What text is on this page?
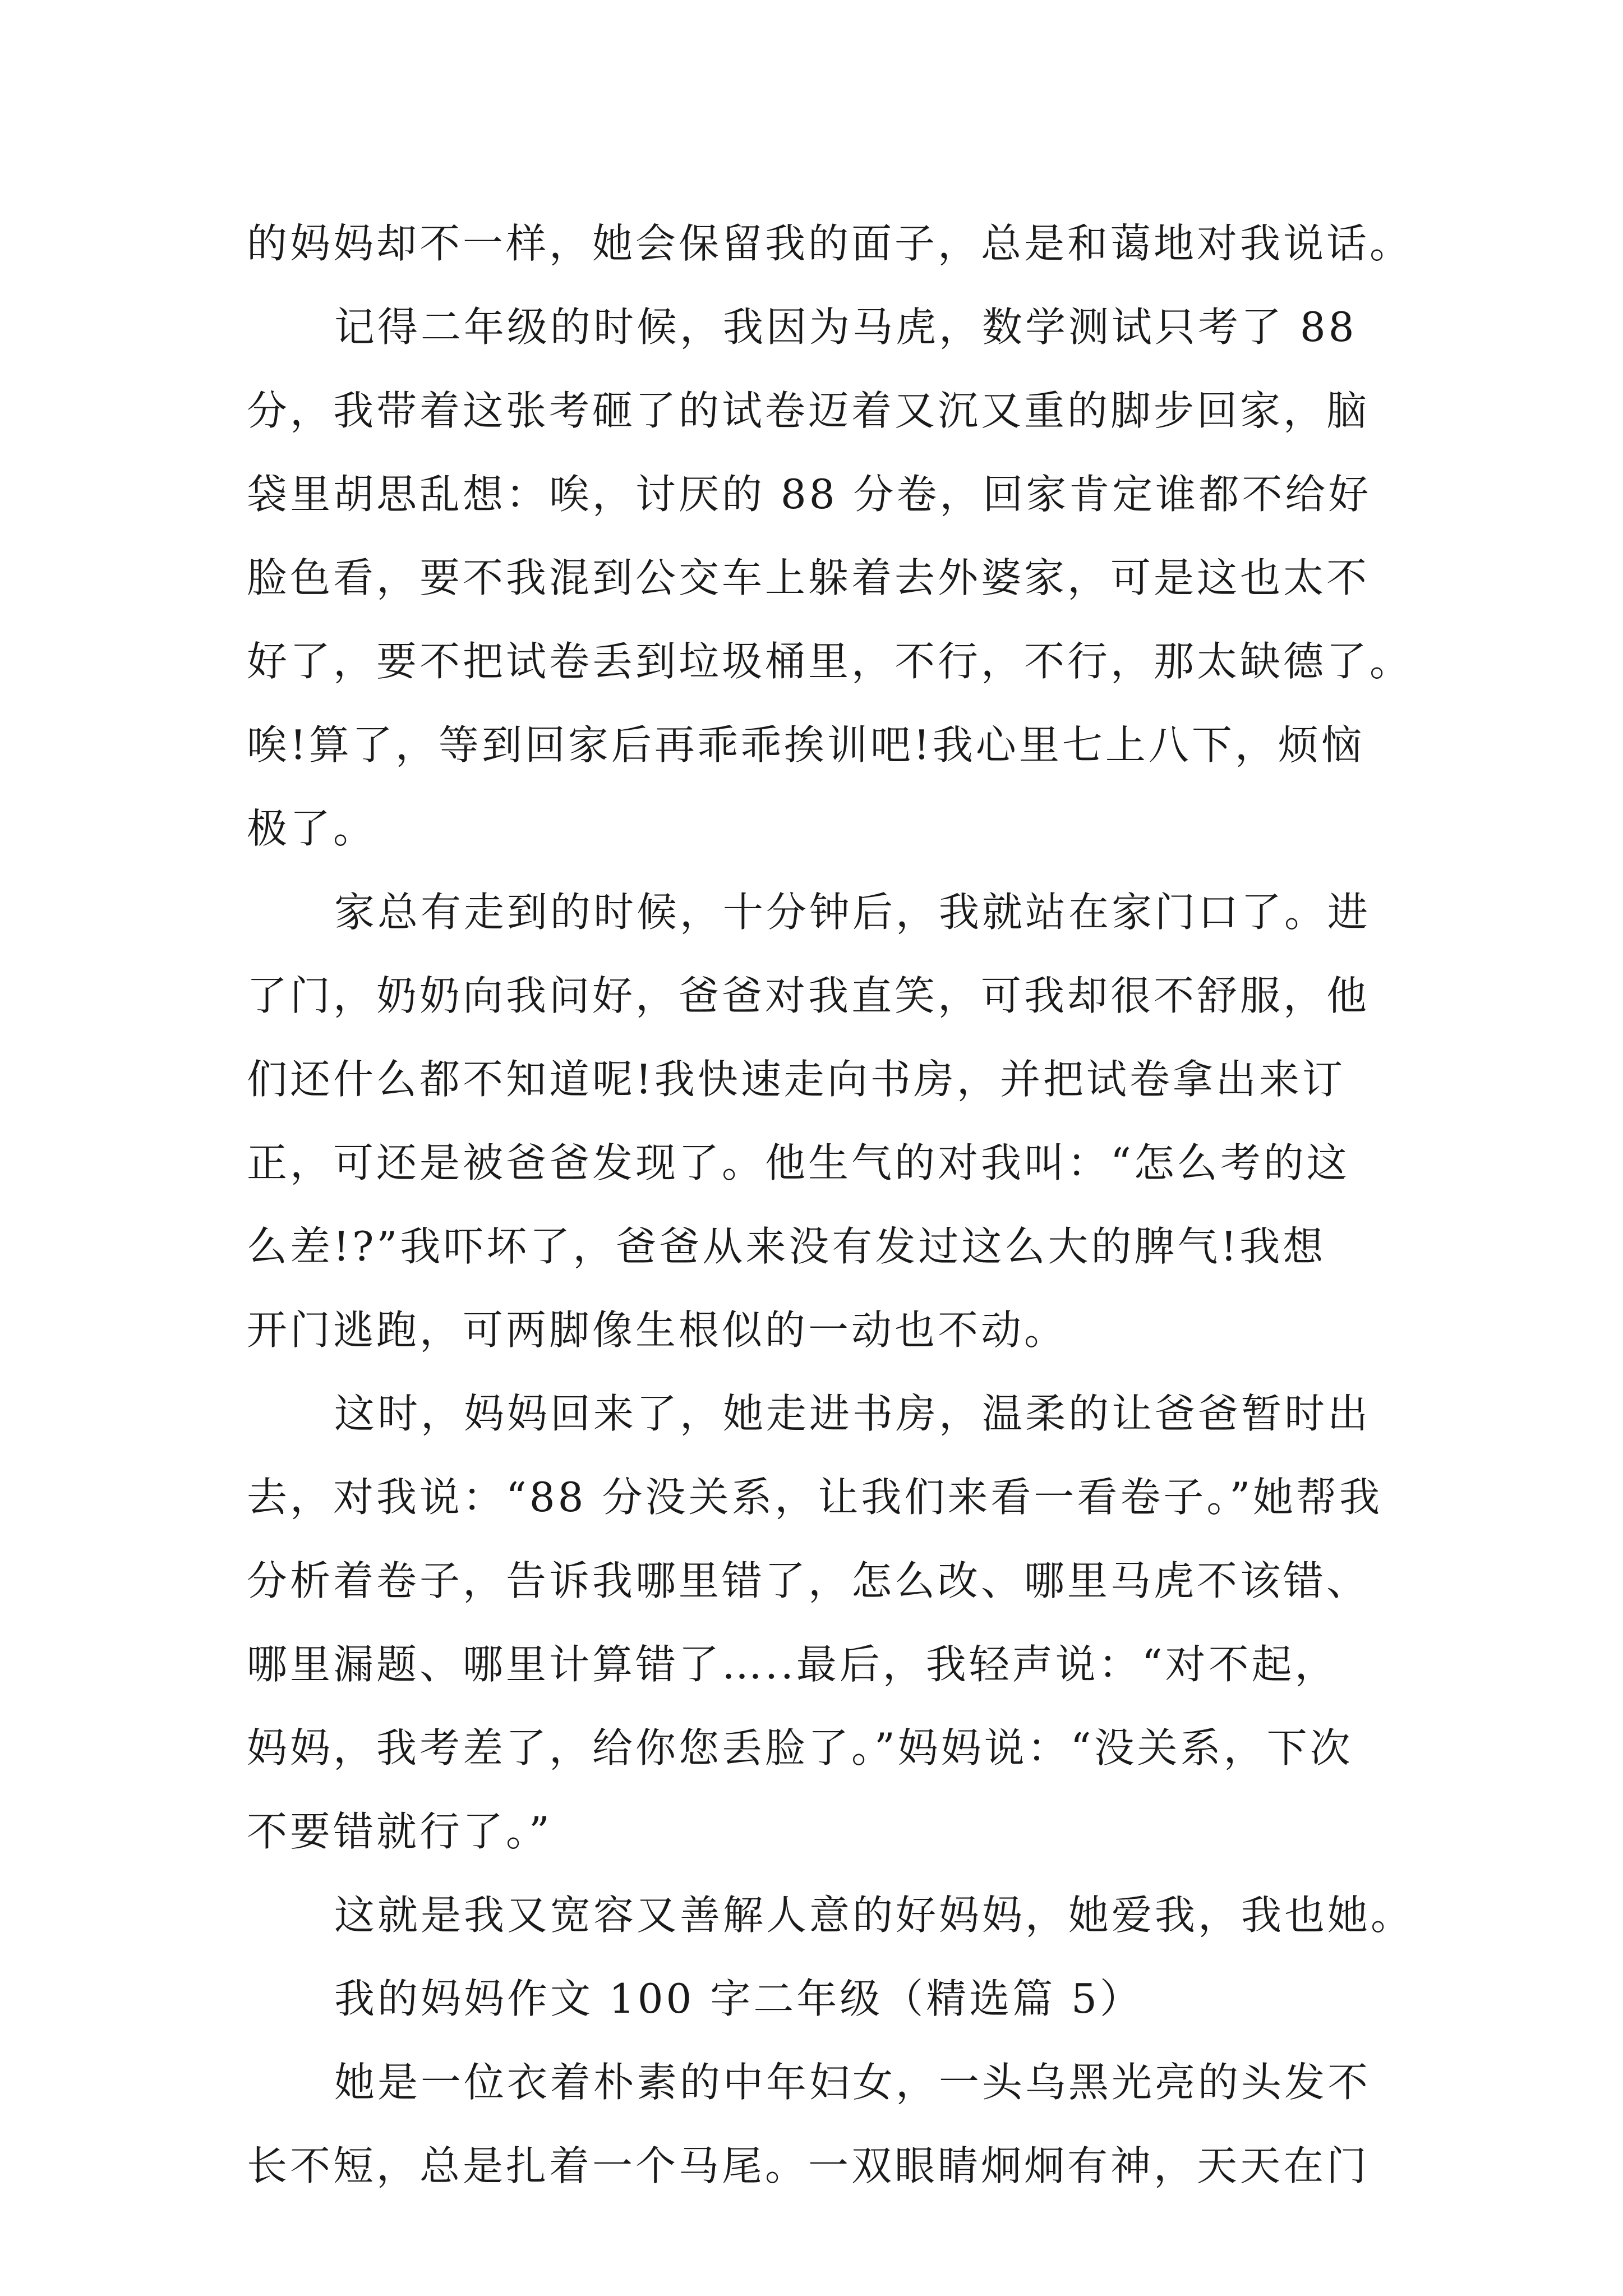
的妈妈却不一样，她会保留我的面子，总是和蔼地对我说话。
记得二年级的时候，我因为马虎，数学测试只考了 88
分，我带着这张考砸了的试卷迈着又沉又重的脚步回家，脑
袋里胡思乱想：唉，讨厌的 88 分卷，回家肯定谁都不给好
脸色看，要不我混到公交车上躲着去外婆家，可是这也太不
好了，要不把试卷丢到垃圾桶里，不行，不行，那太缺德了。
唉!算了，等到回家后再乖乖挨训吧!我心里七上八下，烦恼
极了。
家总有走到的时候，十分钟后，我就站在家门口了。进
了门，奶奶向我问好，爸爸对我直笑，可我却很不舒服，他
们还什么都不知道呢!我快速走向书房，并把试卷拿出来订
正，可还是被爸爸发现了。他生气的对我叫：“怎么考的这
么差!?”我吓坏了，爸爸从来没有发过这么大的脾气!我想
开门逃跑，可两脚像生根似的一动也不动。
这时，妈妈回来了，她走进书房，温柔的让爸爸暂时出
去，对我说：“88 分没关系，让我们来看一看卷子。”她帮我
分析着卷子，告诉我哪里错了，怎么改、哪里马虎不该错、
哪里漏题、哪里计算错了…..最后，我轻声说：“对不起，
妈妈，我考差了，给你您丢脸了。”妈妈说：“没关系，下次
不要错就行了。”
这就是我又宽容又善解人意的好妈妈，她爱我，我也她。
我的妈妈作文 100 字二年级（精选篇 5）
她是一位衣着朴素的中年妇女，一头乌黑光亮的头发不
长不短，总是扎着一个马尾。一双眼睛炯炯有神，天天在门
